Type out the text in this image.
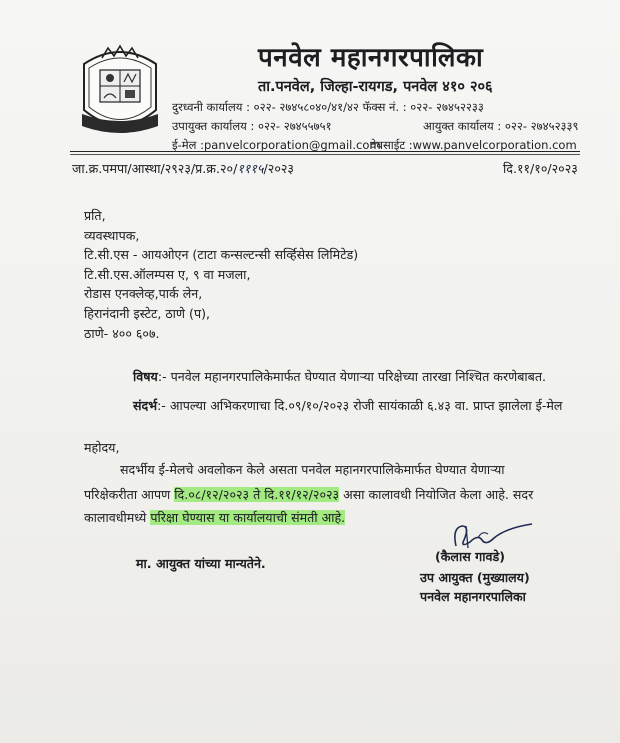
पनवेल महानगरपालिका
ता.पनवेल, जिल्हा-रायगड, पनवेल ४१० २०६
दुरध्वनी कार्यालय : ०२२- २७४५८०४०/४१/४२ फॅक्स नं. : ०२२- २७४५२२३३
उपायुक्त कार्यालय : ०२२- २७४५५७५१	आयुक्त कार्यालय : ०२२- २७४५२३३९
ई-मेल :panvelcorporation@gmail.com
वेबसाईट :www.panvelcorporation.com
जा.क्र.पमपा/आस्था/२९२३/प्र.क्र.२०/१११५/२०२३	दि.११/१०/२०२३
प्रति,
व्यवस्थापक,
टि.सी.एस - आयओएन (टाटा कन्सल्टन्सी सर्व्हिसेस लिमिटेड)
टि.सी.एस.ऑलम्पस ए, ९ वा मजला,
रोडास एनक्लेव्ह,पार्क लेन,
हिरानंदानी इस्टेट, ठाणे (प),
ठाणे- ४०० ६०७.
विषय:- पनवेल महानगरपालिकेमार्फत घेण्यात येणाऱ्या परिक्षेच्या तारखा निश्चित करणेबाबत.
संदर्भ:- आपल्या अभिकरणाचा दि.०९/१०/२०२३ रोजी सायंकाळी ६.४३ वा. प्राप्त झालेला ई-मेल
महोदय,
सदर्भीय ई-मेलचे अवलोकन केले असता पनवेल महानगरपालिकेमार्फत घेण्यात येणाऱ्या
परिक्षेकरीता आपण दि.०८/१२/२०२३ ते दि.११/१२/२०२३ असा कालावधी नियोजित केला आहे. सदर
कालावधीमध्ये परिक्षा घेण्यास या कार्यालयाची संमती आहे.
मा. आयुक्त यांच्या मान्यतेने.	(कैलास गावडे)
उप आयुक्त (मुख्यालय)
पनवेल महानगरपालिका
